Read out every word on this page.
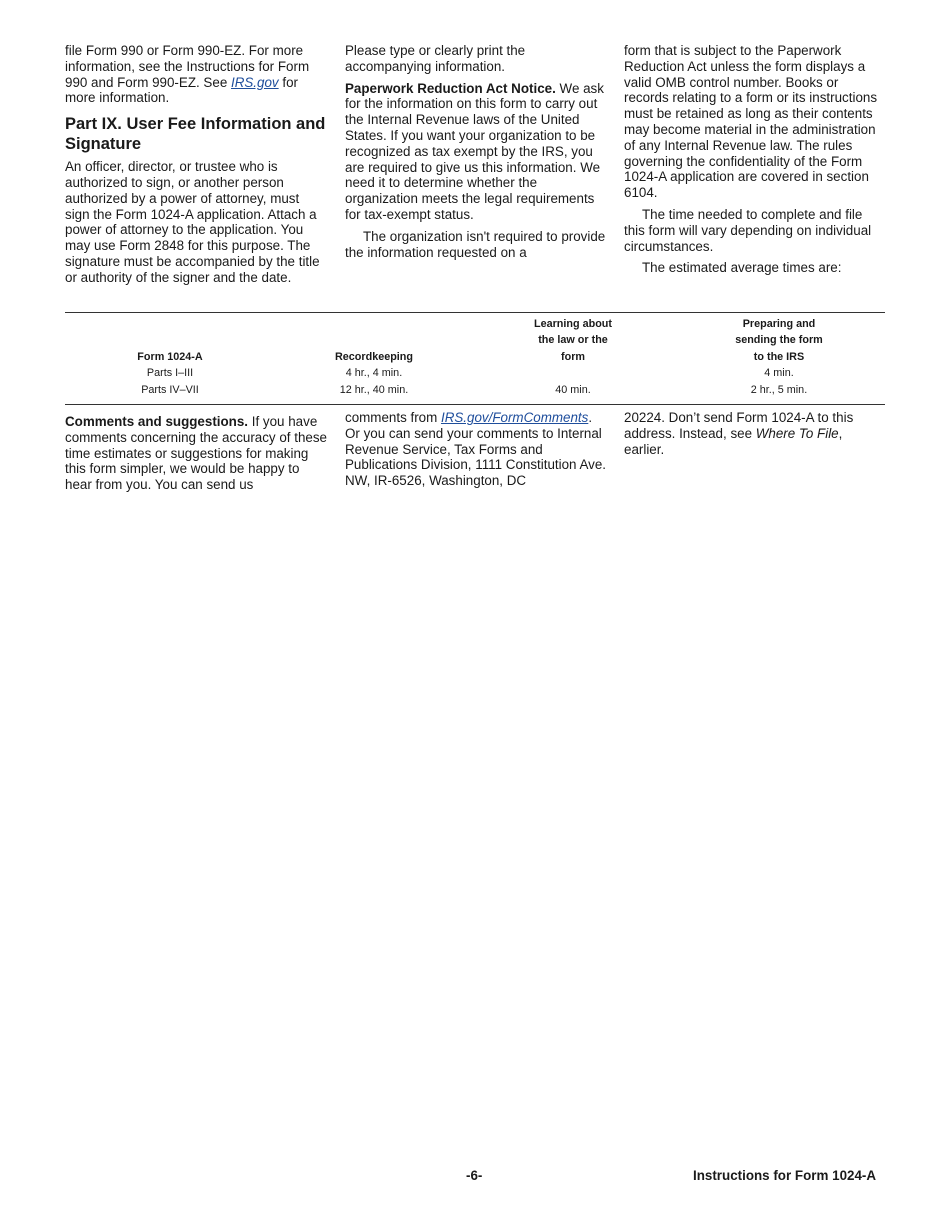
file Form 990 or Form 990-EZ. For more information, see the Instructions for Form 990 and Form 990-EZ. See IRS.gov for more information.

Part IX. User Fee Information and Signature

An officer, director, or trustee who is authorized to sign, or another person authorized by a power of attorney, must sign the Form 1024-A application. Attach a power of attorney to the application. You may use Form 2848 for this purpose. The signature must be accompanied by the title or authority of the signer and the date.

Please type or clearly print the accompanying information.

Paperwork Reduction Act Notice. We ask for the information on this form to carry out the Internal Revenue laws of the United States. If you want your organization to be recognized as tax exempt by the IRS, you are required to give us this information. We need it to determine whether the organization meets the legal requirements for tax-exempt status.

The organization isn't required to provide the information requested on a

form that is subject to the Paperwork Reduction Act unless the form displays a valid OMB control number. Books or records relating to a form or its instructions must be retained as long as their contents may become material in the administration of any Internal Revenue law. The rules governing the confidentiality of the Form 1024-A application are covered in section 6104.

The time needed to complete and file this form will vary depending on individual circumstances.

The estimated average times are:

Form 1024-A	Recordkeeping	Learning about
the law or the
form	Preparing and
sending the form
to the IRS
Parts I–III	4 hr., 4 min.		4 min.
Parts IV–VII	12 hr., 40 min.	40 min.	2 hr., 5 min.

Comments and suggestions. If you have comments concerning the accuracy of these time estimates or suggestions for making this form simpler, we would be happy to hear from you. You can send us

comments from IRS.gov/FormComments. Or you can send your comments to Internal Revenue Service, Tax Forms and Publications Division, 1111 Constitution Ave. NW, IR-6526, Washington, DC

20224. Don’t send Form 1024-A to this address. Instead, see Where To File, earlier.

-6-	Instructions for Form 1024-A
